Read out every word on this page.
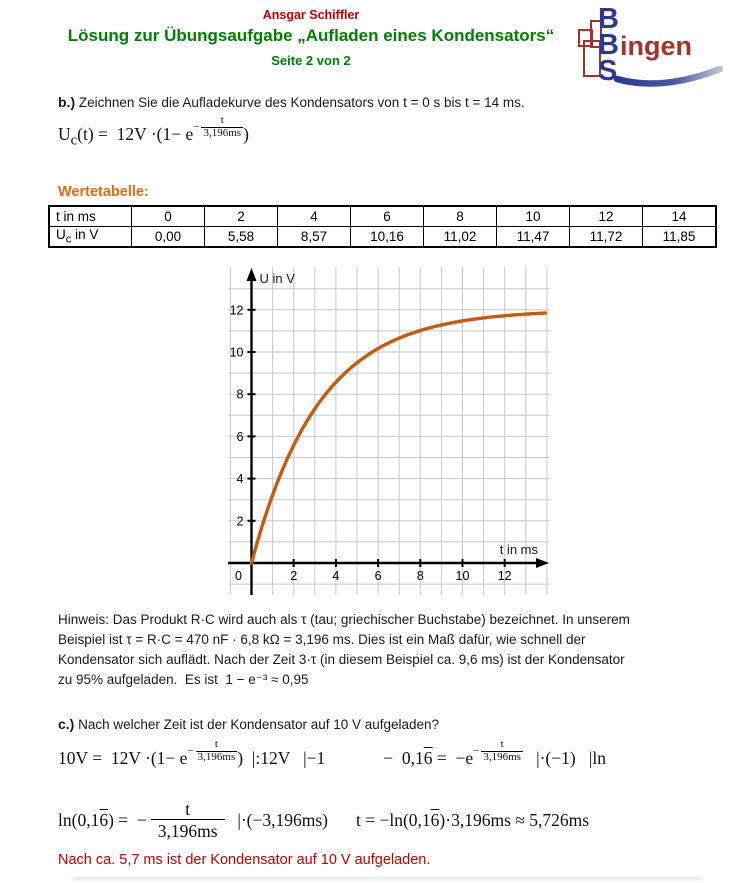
Ansgar Schiffler
Lösung zur Übungsaufgabe „Aufladen eines Kondensators“
Seite 2 von 2
B
B
S
ingen
b.) Zeichnen Sie die Aufladekurve des Kondensators von t = 0 s bis t = 14 ms.
$U_c(t) = 12V \cdot(1- e - \frac{t}{3,196ms}$ )
Wertetabelle:
t in ms	0	2	4	6	8	10	12	14
$U_c$ in V	0,00	5,58	8,57	10,16	11,02	11,47	11,72	11,85
2
4
6
8
10
12
2	4	6	8	10 12
0
U in V
t in ms
Hinweis: Das Produkt R·C wird auch als τ (tau; griechischer Buchstabe) bezeichnet. In unserem
Beispiel ist τ = R·C = 470 nF · 6,8 kΩ = 3,196 ms. Dies ist ein Maß dafür, wie schnell der
Kondensator sich auflädt. Nach der Zeit 3·τ (in diesem Beispiel ca. 9,6 ms) ist der Kondensator
zu 95% aufgeladen.  Es ist  1 − e⁻³ ≈ 0,95
c.) Nach welcher Zeit ist der Kondensator auf 10 V aufgeladen?
$10V = 12V \cdot(1- e - \frac{t}{3,196ms}$ ) |:12V   |−1	− 0,1 $6 = -e - \frac{t}{3,196ms} |\cdot(-1)$   |ln
ln(0,1 6 ) =  − $\frac{t}{3,196ms} |\cdot(-3,196ms) t = -\ln(0,1$ 6 )·3,196ms ≈ 5,726ms
Nach ca. 5,7 ms ist der Kondensator auf 10 V aufgeladen.
